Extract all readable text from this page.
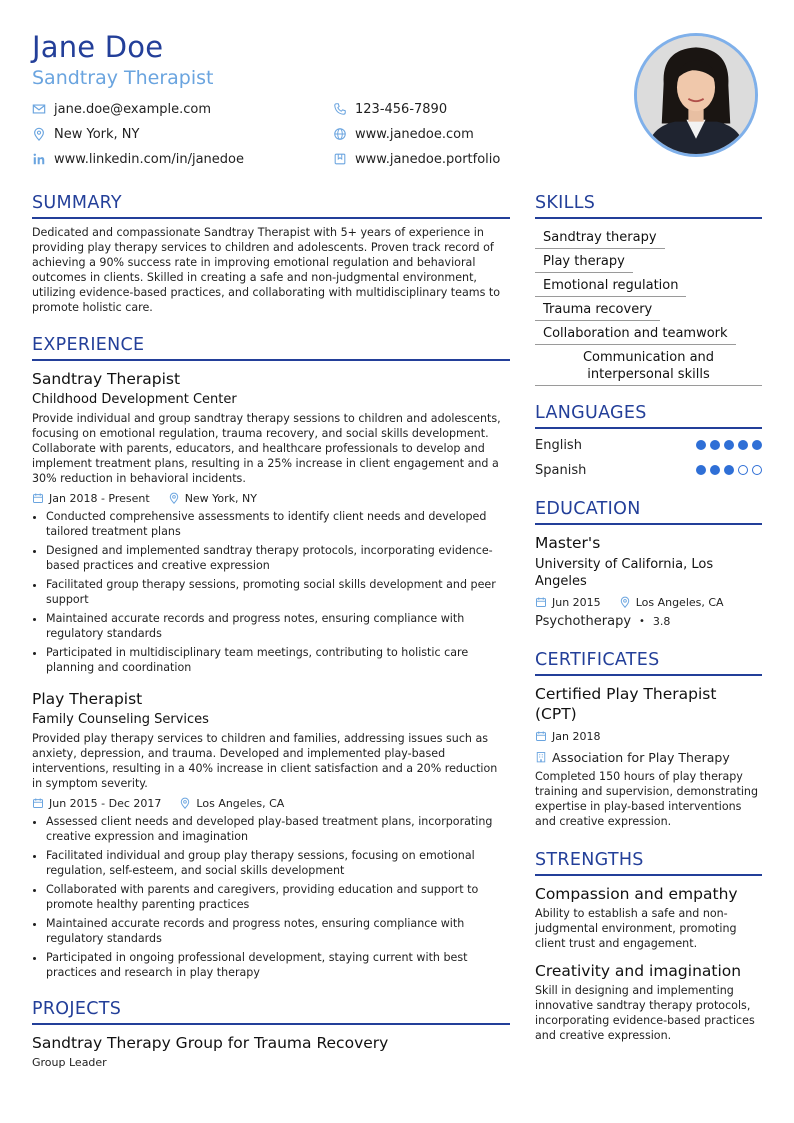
Jane Doe
Sandtray Therapist
jane.doe@example.com	123-456-7890
New York, NY	www.janedoe.com
www.linkedin.com/in/janedoe	www.janedoe.portfolio
SUMMARY
Dedicated and compassionate Sandtray Therapist with 5+ years of experience in providing play therapy services to children and adolescents. Proven track record of achieving a 90% success rate in improving emotional regulation and behavioral outcomes in clients. Skilled in creating a safe and non-judgmental environment, utilizing evidence-based practices, and collaborating with multidisciplinary teams to promote holistic care.
EXPERIENCE
Sandtray Therapist
Childhood Development Center
Provide individual and group sandtray therapy sessions to children and adolescents, focusing on emotional regulation, trauma recovery, and social skills development. Collaborate with parents, educators, and healthcare professionals to develop and implement treatment plans, resulting in a 25% increase in client engagement and a 30% reduction in behavioral incidents.
Jan 2018 - Present	New York, NY
• Conducted comprehensive assessments to identify client needs and developed tailored treatment plans
• Designed and implemented sandtray therapy protocols, incorporating evidence-based practices and creative expression
• Facilitated group therapy sessions, promoting social skills development and peer support
• Maintained accurate records and progress notes, ensuring compliance with regulatory standards
• Participated in multidisciplinary team meetings, contributing to holistic care planning and coordination
Play Therapist
Family Counseling Services
Provided play therapy services to children and families, addressing issues such as anxiety, depression, and trauma. Developed and implemented play-based interventions, resulting in a 40% increase in client satisfaction and a 20% reduction in symptom severity.
Jun 2015 - Dec 2017	Los Angeles, CA
• Assessed client needs and developed play-based treatment plans, incorporating creative expression and imagination
• Facilitated individual and group play therapy sessions, focusing on emotional regulation, self-esteem, and social skills development
• Collaborated with parents and caregivers, providing education and support to promote healthy parenting practices
• Maintained accurate records and progress notes, ensuring compliance with regulatory standards
• Participated in ongoing professional development, staying current with best practices and research in play therapy
PROJECTS
Sandtray Therapy Group for Trauma Recovery
Group Leader
SKILLS
Sandtray therapy
Play therapy
Emotional regulation
Trauma recovery
Collaboration and teamwork
Communication and interpersonal skills
LANGUAGES
English
Spanish
EDUCATION
Master's
University of California, Los Angeles
Jun 2015	Los Angeles, CA
Psychotherapy • 3.8
CERTIFICATES
Certified Play Therapist (CPT)
Jan 2018
Association for Play Therapy
Completed 150 hours of play therapy training and supervision, demonstrating expertise in play-based interventions and creative expression.
STRENGTHS
Compassion and empathy
Ability to establish a safe and non-judgmental environment, promoting client trust and engagement.
Creativity and imagination
Skill in designing and implementing innovative sandtray therapy protocols, incorporating evidence-based practices and creative expression.
